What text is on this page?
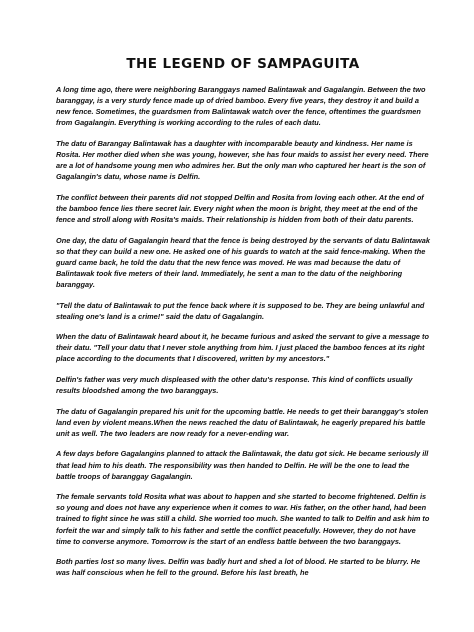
THE LEGEND OF SAMPAGUITA

A long time ago, there were neighboring Baranggays named Balintawak and Gagalangin. Between the two baranggay, is a very sturdy fence made up of dried bamboo. Every five years, they destroy it and build a new fence. Sometimes, the guardsmen from Balintawak watch over the fence, oftentimes the guardsmen from Gagalangin. Everything is working according to the rules of each datu.

The datu of Barangay Balintawak has a daughter with incomparable beauty and kindness. Her name is Rosita. Her mother died when she was young, however, she has four maids to assist her every need. There are a lot of handsome young men who admires her. But the only man who captured her heart is the son of Gagalangin's datu, whose name is Delfin.

The conflict between their parents did not stopped Delfin and Rosita from loving each other. At the end of the bamboo fence lies there secret lair. Every night when the moon is bright, they meet at the end of the fence and stroll along with Rosita's maids. Their relationship is hidden from both of their datu parents.

One day, the datu of Gagalangin heard that the fence is being destroyed by the servants of datu Balintawak so that they can build a new one. He asked one of his guards to watch at the said fence-making. When the guard came back, he told the datu that the new fence was moved. He was mad because the datu of Balintawak took five meters of their land. Immediately, he sent a man to the datu of the neighboring baranggay.

"Tell the datu of Balintawak to put the fence back where it is supposed to be. They are being unlawful and stealing one's land is a crime!" said the datu of Gagalangin.

When the datu of Balintawak heard about it, he became furious and asked the servant to give a message to their datu. "Tell your datu that I never stole anything from him. I just placed the bamboo fences at its right place according to the documents that I discovered, written by my ancestors."

Delfin's father was very much displeased with the other datu's response. This kind of conflicts usually results bloodshed among the two baranggays.

The datu of Gagalangin prepared his unit for the upcoming battle. He needs to get their baranggay's stolen land even by violent means.When the news reached the datu of Balintawak, he eagerly prepared his battle unit as well. The two leaders are now ready for a never-ending war.

A few days before Gagalangins planned to attack the Balintawak, the datu got sick. He became seriously ill that lead him to his death. The responsibility was then handed to Delfin. He will be the one to lead the battle troops of baranggay Gagalangin.

The female servants told Rosita what was about to happen and she started to become frightened. Delfin is so young and does not have any experience when it comes to war. His father, on the other hand, had been trained to fight since he was still a child. She worried too much. She wanted to talk to Delfin and ask him to forfeit the war and simply talk to his father and settle the conflict peacefully. However, they do not have time to converse anymore. Tomorrow is the start of an endless battle between the two baranggays.

Both parties lost so many lives. Delfin was badly hurt and shed a lot of blood. He started to be blurry. He was half conscious when he fell to the ground. Before his last breath, he
